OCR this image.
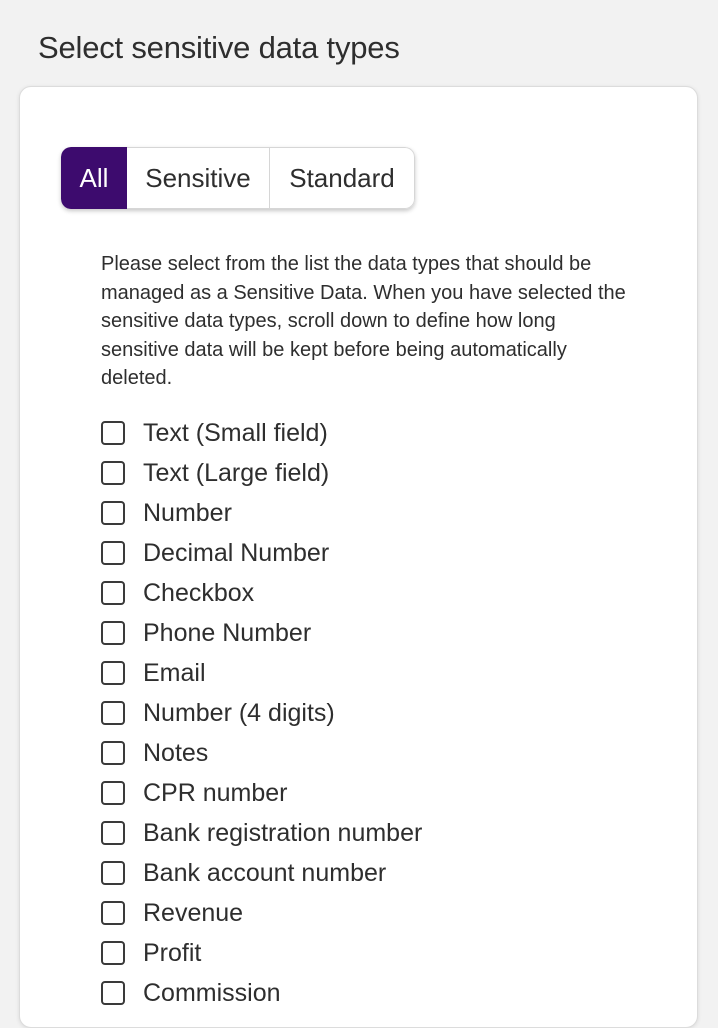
Select sensitive data types
All	Sensitive	Standard

Please select from the list the data types that should be managed as a Sensitive Data. When you have selected the sensitive data types, scroll down to define how long sensitive data will be kept before being automatically deleted.

Text (Small field)
Text (Large field)
Number
Decimal Number
Checkbox
Phone Number
Email
Number (4 digits)
Notes
CPR number
Bank registration number
Bank account number
Revenue
Profit
Commission
